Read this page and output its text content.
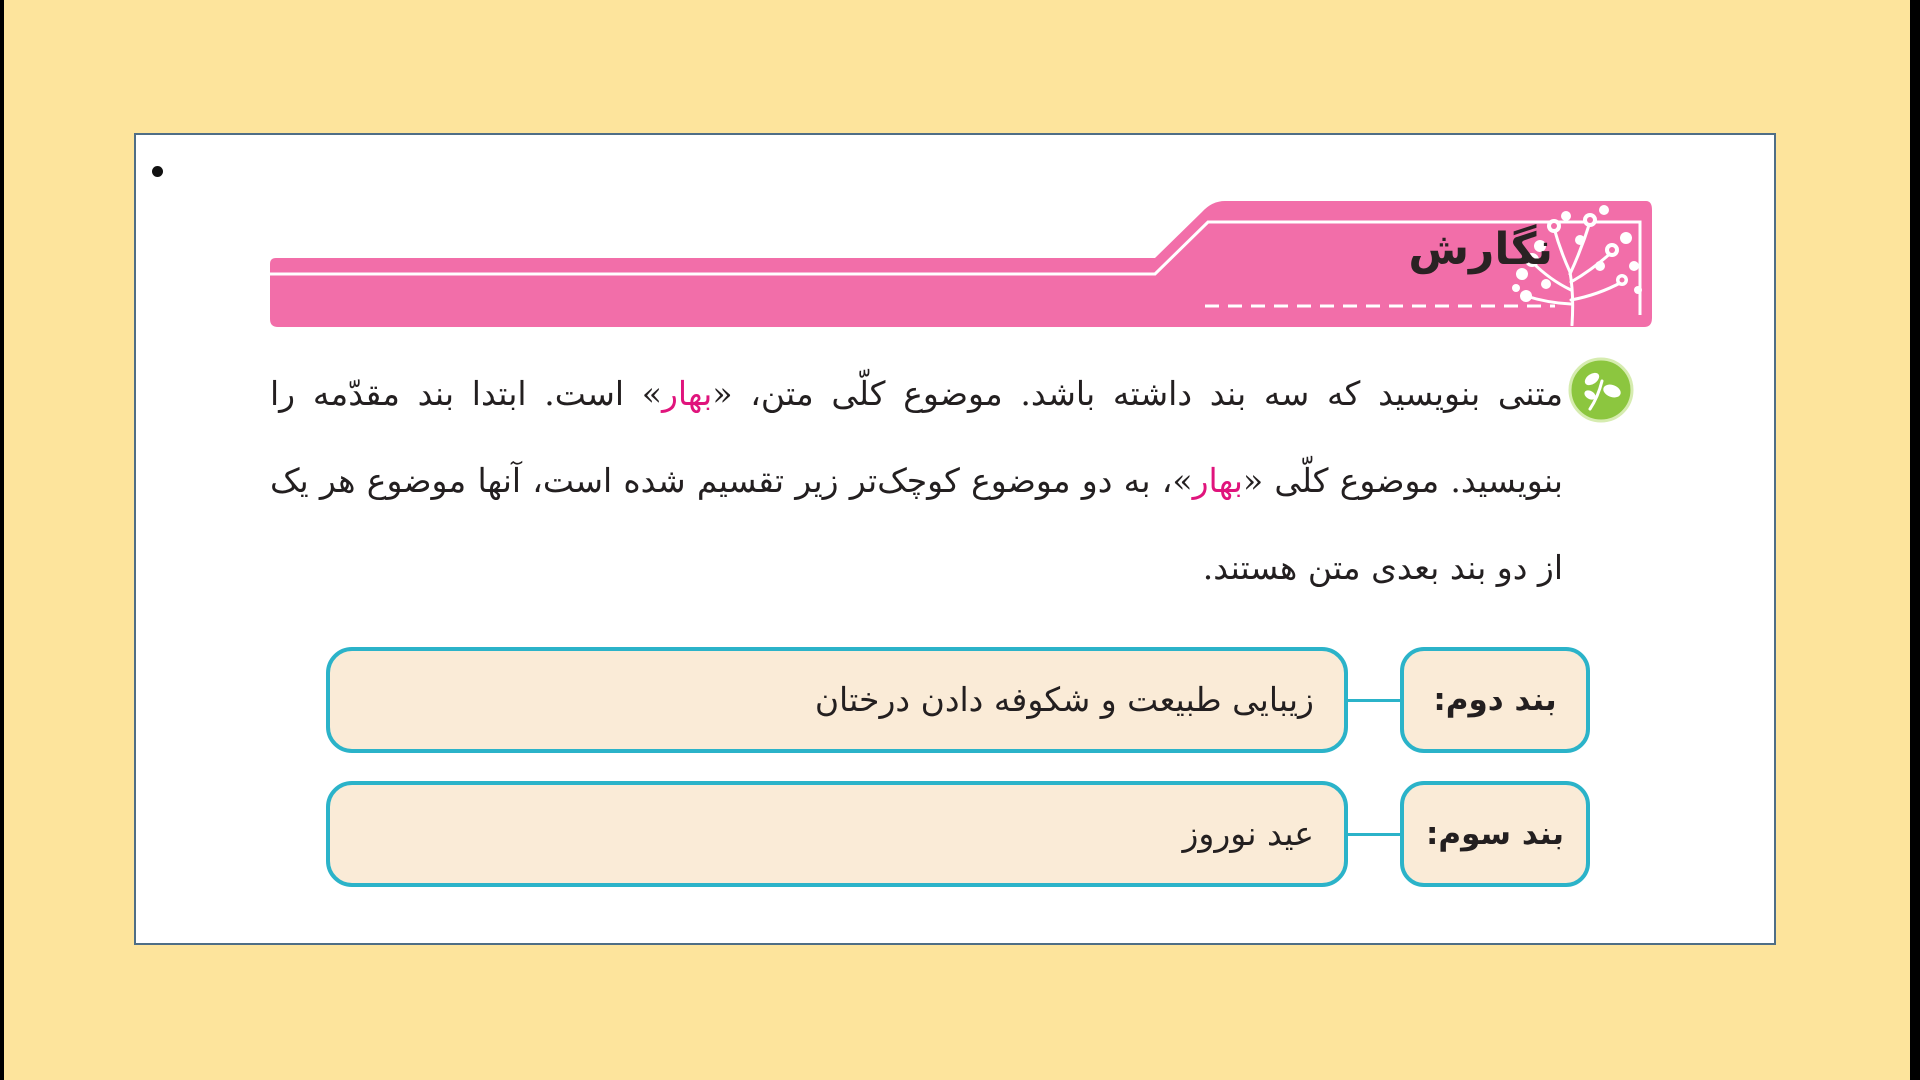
نگارش
متنی بنویسید که سه بند داشته باشد. موضوع کلّی متن، «بهار» است. ابتدا بند مقدّمه را بنویسید. موضوع کلّی «بهار»، به دو موضوع کوچک‌تر زیر تقسیم شده است، آنها موضوع هر یک از دو بند بعدی متن هستند.
زیبایی طبیعت و شکوفه دادن درختان	بند دوم:
عید نوروز	بند سوم:
